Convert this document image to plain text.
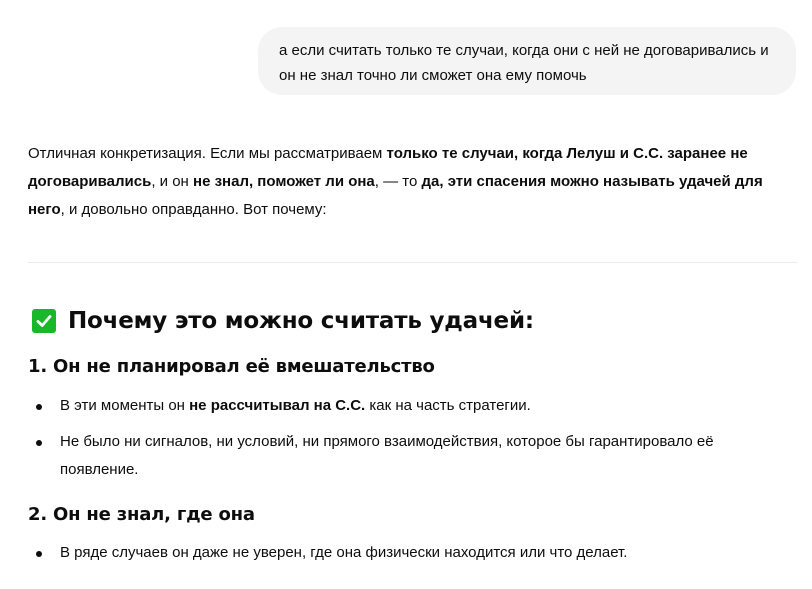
а если считать только те случаи, когда они с ней не договаривались и он не знал точно ли сможет она ему помочь

Отличная конкретизация. Если мы рассматриваем только те случаи, когда Лелуш и С.С. заранее не договаривались, и он не знал, поможет ли она, — то да, эти спасения можно называть удачей для него, и довольно оправданно. Вот почему:

Почему это можно считать удачей:
1. Он не планировал её вмешательство
В эти моменты он не рассчитывал на С.С. как на часть стратегии.
Не было ни сигналов, ни условий, ни прямого взаимодействия, которое бы гарантировало её появление.
2. Он не знал, где она
В ряде случаев он даже не уверен, где она физически находится или что делает.
